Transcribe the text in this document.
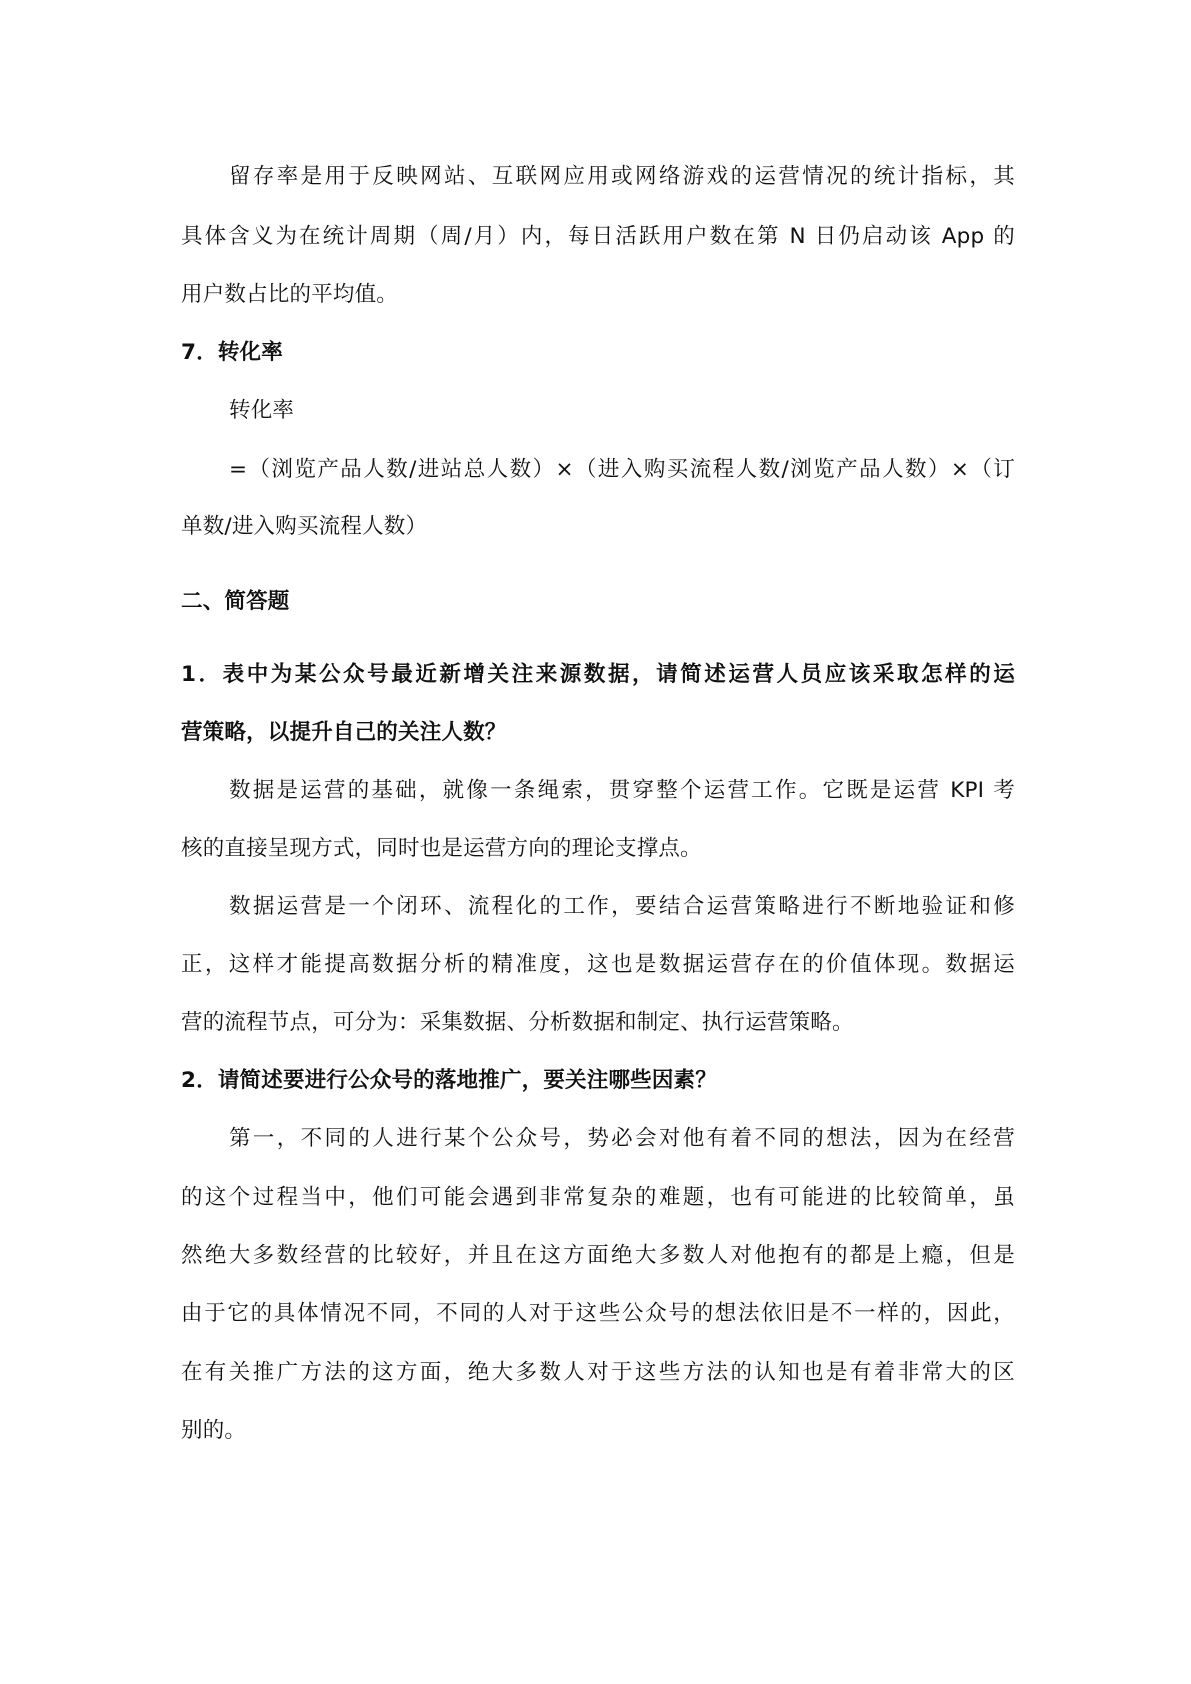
留存率是用于反映网站、互联网应用或网络游戏的运营情况的统计指标，其
具体含义为在统计周期（周/月）内，每日活跃用户数在第 N 日仍启动该 App 的
用户数占比的平均值。
7．转化率
转化率
=（浏览产品人数/进站总人数）×（进入购买流程人数/浏览产品人数）×（订
单数/进入购买流程人数）
二、简答题
1．表中为某公众号最近新增关注来源数据，请简述运营人员应该采取怎样的运
营策略，以提升自己的关注人数？
数据是运营的基础，就像一条绳索，贯穿整个运营工作。它既是运营 KPI 考
核的直接呈现方式，同时也是运营方向的理论支撑点。
数据运营是一个闭环、流程化的工作，要结合运营策略进行不断地验证和修
正，这样才能提高数据分析的精准度，这也是数据运营存在的价值体现。数据运
营的流程节点，可分为：采集数据、分析数据和制定、执行运营策略。
2．请简述要进行公众号的落地推广，要关注哪些因素？
第一，不同的人进行某个公众号，势必会对他有着不同的想法，因为在经营
的这个过程当中，他们可能会遇到非常复杂的难题，也有可能进的比较简单，虽
然绝大多数经营的比较好，并且在这方面绝大多数人对他抱有的都是上瘾，但是
由于它的具体情况不同，不同的人对于这些公众号的想法依旧是不一样的，因此，
在有关推广方法的这方面，绝大多数人对于这些方法的认知也是有着非常大的区
别的。
